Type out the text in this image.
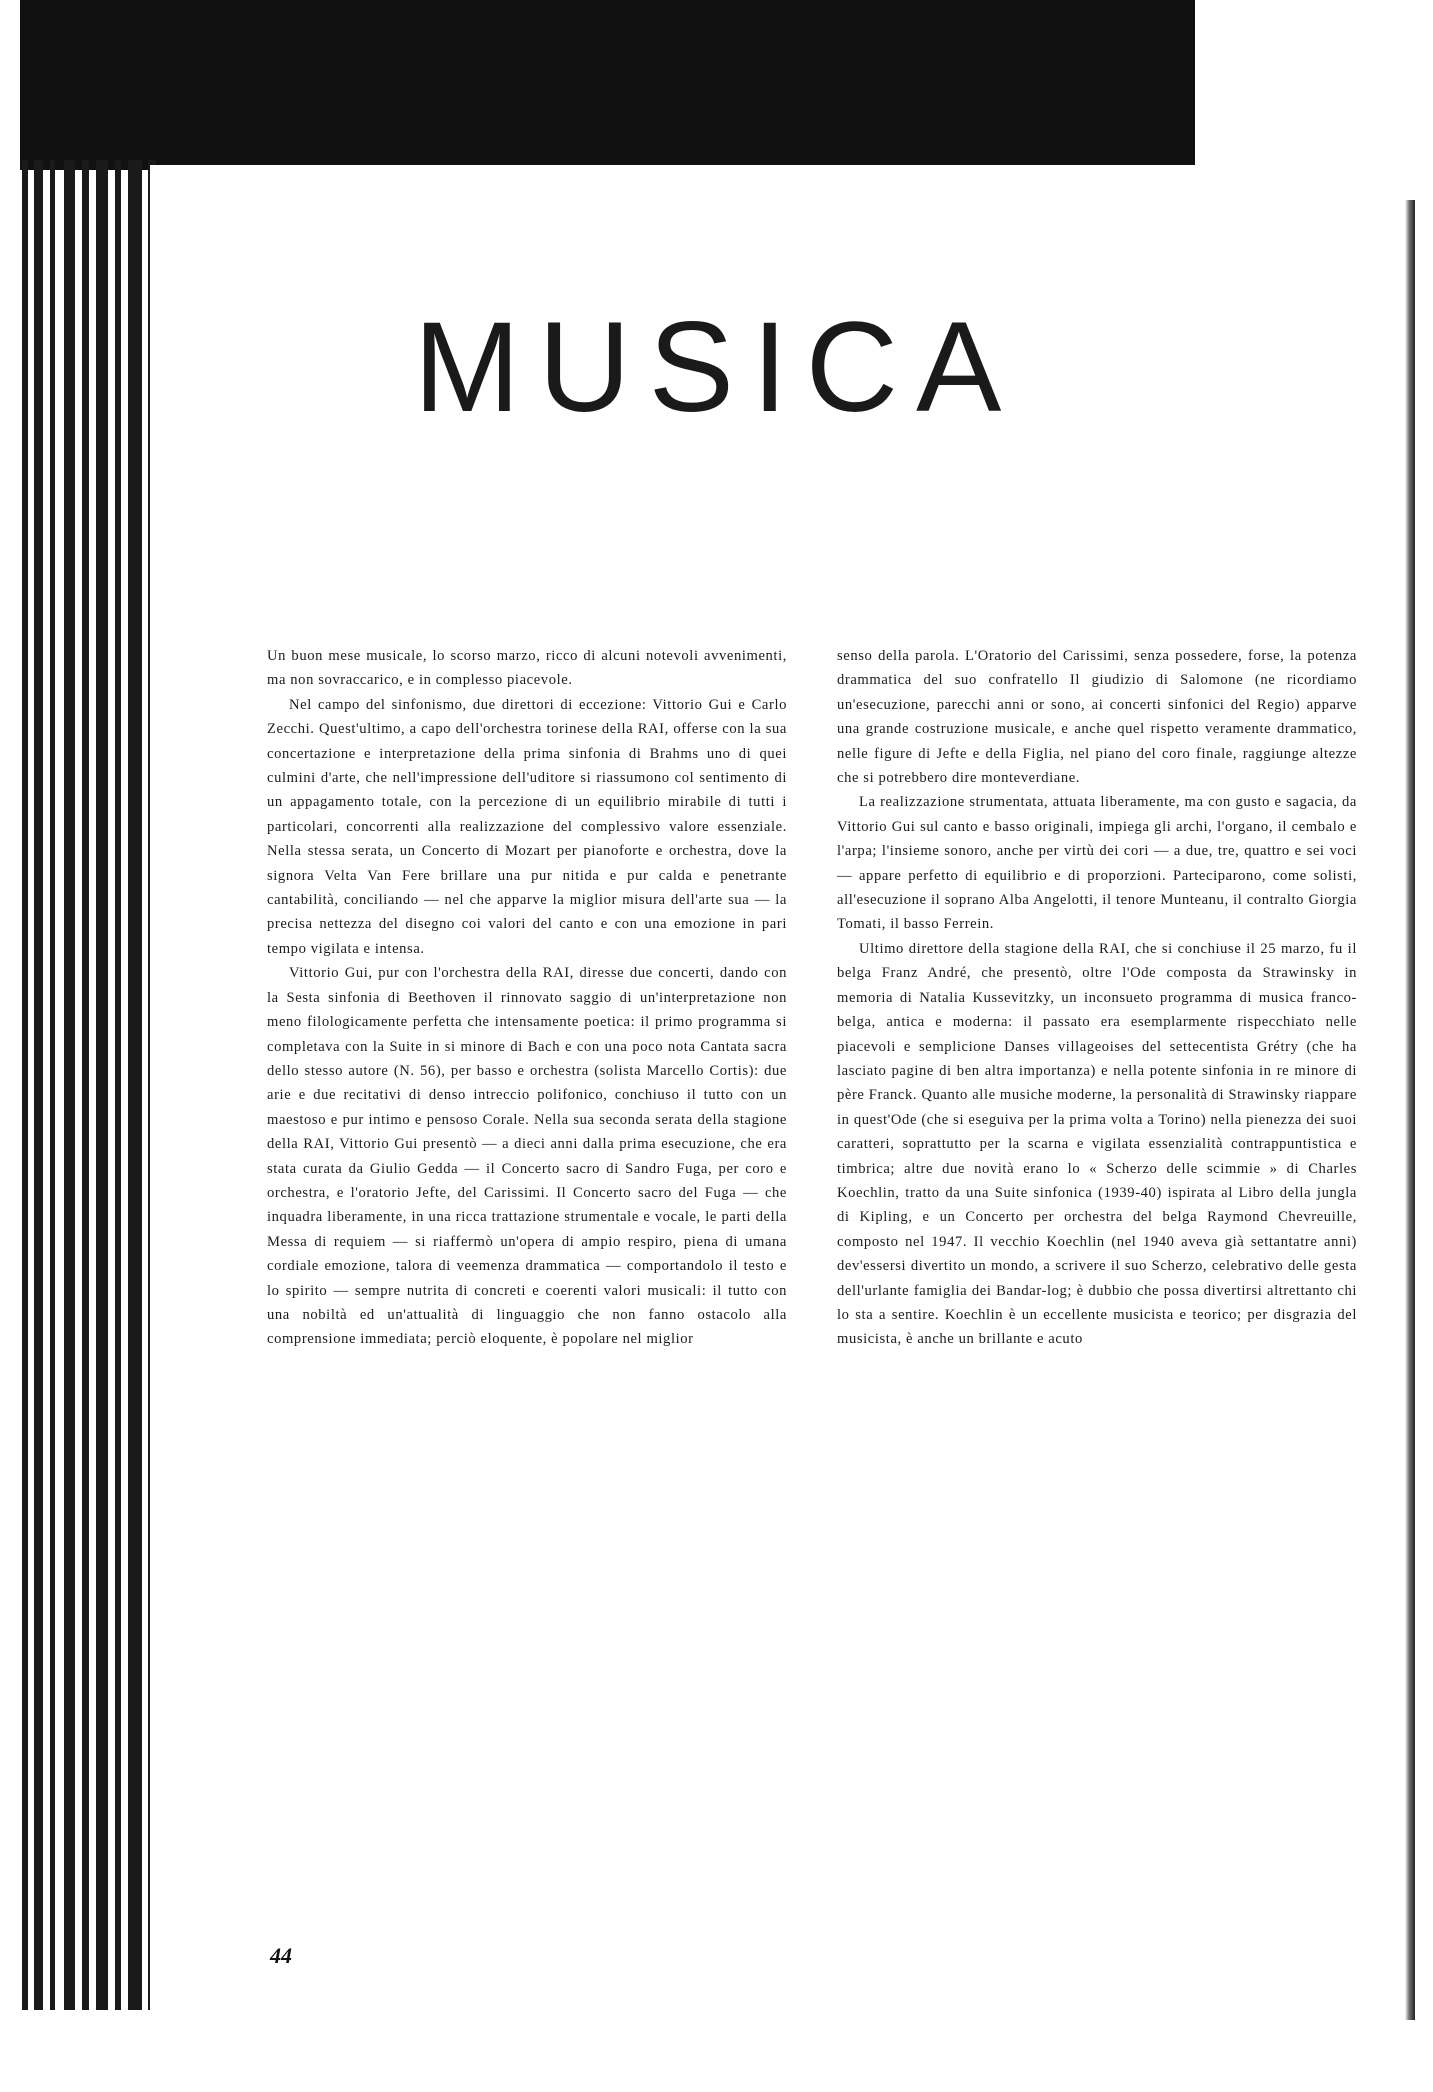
MUSICA

Un buon mese musicale, lo scorso marzo, ricco di alcuni notevoli avvenimenti, ma non sovraccarico, e in complesso piacevole.

Nel campo del sinfonismo, due direttori di eccezione: Vittorio Gui e Carlo Zecchi. Quest'ultimo, a capo dell'orchestra torinese della RAI, offerse con la sua concertazione e interpretazione della prima sinfonia di Brahms uno di quei culmini d'arte, che nell'impressione dell'uditore si riassumono col sentimento di un appagamento totale, con la percezione di un equilibrio mirabile di tutti i particolari, concorrenti alla realizzazione del complessivo valore essenziale. Nella stessa serata, un Concerto di Mozart per pianoforte e orchestra, dove la signora Velta Van Fere brillare una pur nitida e pur calda e penetrante cantabilità, conciliando — nel che apparve la miglior misura dell'arte sua — la precisa nettezza del disegno coi valori del canto e con una emozione in pari tempo vigilata e intensa.

Vittorio Gui, pur con l'orchestra della RAI, diresse due concerti, dando con la Sesta sinfonia di Beethoven il rinnovato saggio di un'interpretazione non meno filologicamente perfetta che intensamente poetica: il primo programma si completava con la Suite in si minore di Bach e con una poco nota Cantata sacra dello stesso autore (N. 56), per basso e orchestra (solista Marcello Cortis): due arie e due recitativi di denso intreccio polifonico, conchiuso il tutto con un maestoso e pur intimo e pensoso Corale. Nella sua seconda serata della stagione della RAI, Vittorio Gui presentò — a dieci anni dalla prima esecuzione, che era stata curata da Giulio Gedda — il Concerto sacro di Sandro Fuga, per coro e orchestra, e l'oratorio Jefte, del Carissimi. Il Concerto sacro del Fuga — che inquadra liberamente, in una ricca trattazione strumentale e vocale, le parti della Messa di requiem — si riaffermò un'opera di ampio respiro, piena di umana cordiale emozione, talora di veemenza drammatica — comportandolo il testo e lo spirito — sempre nutrita di concreti e coerenti valori musicali: il tutto con una nobiltà ed un'attualità di linguaggio che non fanno ostacolo alla comprensione immediata; perciò eloquente, è popolare nel miglior

senso della parola. L'Oratorio del Carissimi, senza possedere, forse, la potenza drammatica del suo confratello Il giudizio di Salomone (ne ricordiamo un'esecuzione, parecchi anni or sono, ai concerti sinfonici del Regio) apparve una grande costruzione musicale, e anche quel rispetto veramente drammatico, nelle figure di Jefte e della Figlia, nel piano del coro finale, raggiunge altezze che si potrebbero dire monteverdiane.

La realizzazione strumentata, attuata liberamente, ma con gusto e sagacia, da Vittorio Gui sul canto e basso originali, impiega gli archi, l'organo, il cembalo e l'arpa; l'insieme sonoro, anche per virtù dei cori — a due, tre, quattro e sei voci — appare perfetto di equilibrio e di proporzioni. Parteciparono, come solisti, all'esecuzione il soprano Alba Angelotti, il tenore Munteanu, il contralto Giorgia Tomati, il basso Ferrein.

Ultimo direttore della stagione della RAI, che si conchiuse il 25 marzo, fu il belga Franz André, che presentò, oltre l'Ode composta da Strawinsky in memoria di Natalia Kussevitzky, un inconsueto programma di musica franco-belga, antica e moderna: il passato era esemplarmente rispecchiato nelle piacevoli e semplicione Danses villageoises del settecentista Grétry (che ha lasciato pagine di ben altra importanza) e nella potente sinfonia in re minore di père Franck. Quanto alle musiche moderne, la personalità di Strawinsky riappare in quest'Ode (che si eseguiva per la prima volta a Torino) nella pienezza dei suoi caratteri, soprattutto per la scarna e vigilata essenzialità contrappuntistica e timbrica; altre due novità erano lo « Scherzo delle scimmie » di Charles Koechlin, tratto da una Suite sinfonica (1939-40) ispirata al Libro della jungla di Kipling, e un Concerto per orchestra del belga Raymond Chevreuille, composto nel 1947. Il vecchio Koechlin (nel 1940 aveva già settantatre anni) dev'essersi divertito un mondo, a scrivere il suo Scherzo, celebrativo delle gesta dell'urlante famiglia dei Bandar-log; è dubbio che possa divertirsi altrettanto chi lo sta a sentire. Koechlin è un eccellente musicista e teorico; per disgrazia del musicista, è anche un brillante e acuto

44
